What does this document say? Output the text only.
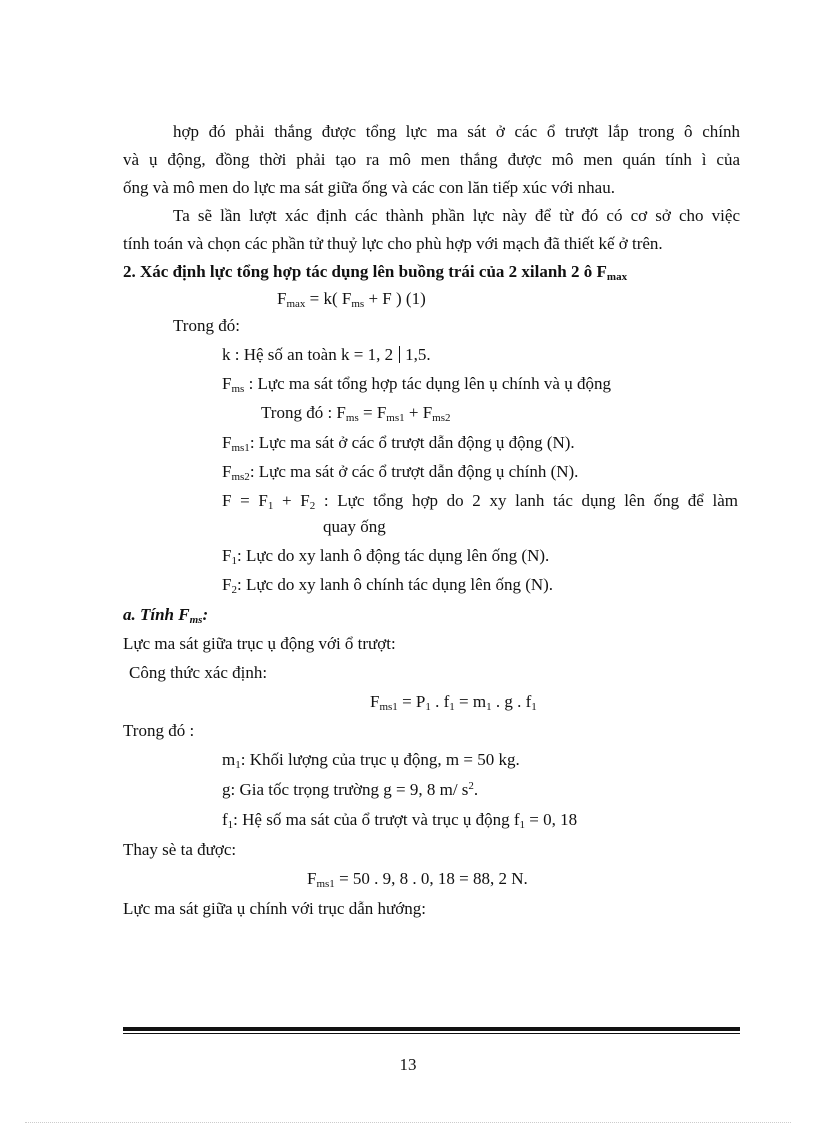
hợp đó phải thắng được tổng lực ma sát ở các ổ trượt lắp trong ô chính
và ụ động, đồng thời phải tạo ra mô men thắng được mô men quán tính ì của
ống và mô men do lực ma sát giữa ống và các con lăn tiếp xúc với nhau.
Ta sẽ lần lượt xác định các thành phần lực này để từ đó có cơ sở cho việc
tính toán và chọn các phần tử thuỷ lực cho phù hợp với mạch đã thiết kế ở trên.
2. Xác định lực tổng hợp tác dụng lên buồng trái của 2 xilanh 2 ô $F_{max}$
$F_{max} = k$( $F_{ms} + F$ ) (1)
Trong đó:
k : Hệ số an toàn k = 1, 2 1,5.
$F_{ms}$ : Lực ma sát tổng hợp tác dụng lên ụ chính và ụ động
Trong đó : $F_{ms} = F_{ms1} + F_{ms2}$
$F_{ms1}$: Lực ma sát ở các ổ trượt dẫn động ụ động (N).
$F_{ms2}$: Lực ma sát ở các ổ trượt dẫn động ụ chính (N).
$F = F_1 + F_2$ : Lực tổng hợp do 2 xy lanh tác dụng lên ống để làm
quay ống
$F_1$: Lực do xy lanh ô động tác dụng lên ống (N).
$F_2$: Lực do xy lanh ô chính tác dụng lên ống (N).
a. Tính $F_{ms}$:
Lực ma sát giữa trục ụ động với ổ trượt:
Công thức xác định:
$F_{ms1} = P_1$ . $f_1 = m_1$ . g . $f_1$
Trong đó :
$m_1$: Khối lượng của trục ụ động, m = 50 kg.
g: Gia tốc trọng trường g = 9, 8 m/ $s^2$.
$f_1$: Hệ số ma sát của ổ trượt và trục ụ động $f_1 = 0$, 18
Thay sè ta được:
$F_{ms1} = 50$ . 9, 8 . 0, 18 = 88, 2 N.
Lực ma sát giữa ụ chính với trục dẫn hướng:
13
